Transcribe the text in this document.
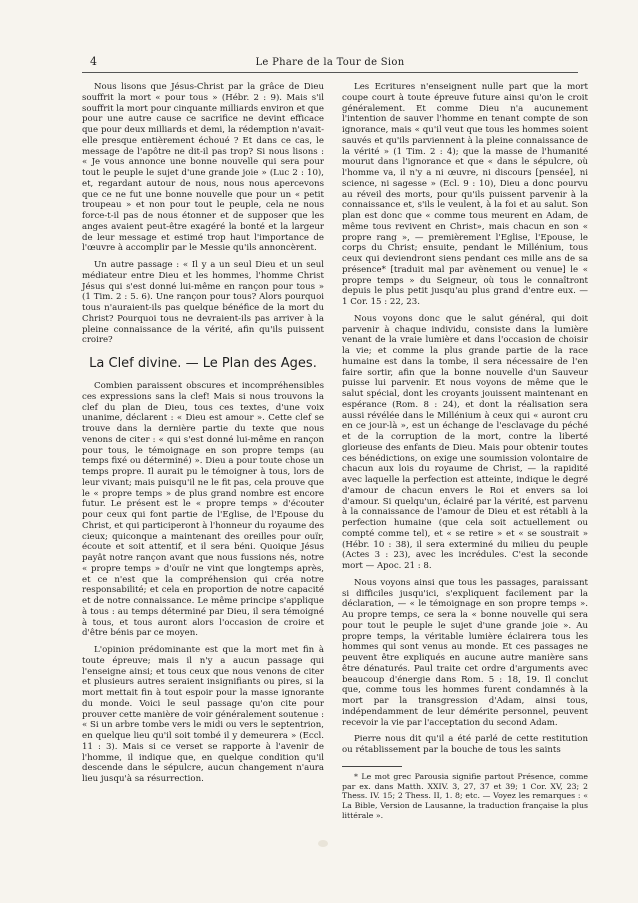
4	Le Phare de la Tour de Sion

Nous lisons que Jésus-Christ par la grâce de Dieu souffrit la mort « pour tous » (Hébr. 2 : 9). Mais s'il souffrit la mort pour cinquante milliards environ et que pour une autre cause ce sacrifice ne devint efficace que pour deux milliards et demi, la rédemption n'avait-elle presque entièrement échoué ? Et dans ce cas, le message de l'apôtre ne dit-il pas trop? Si nous lisons : « Je vous annonce une bonne nouvelle qui sera pour tout le peuple le sujet d'une grande joie » (Luc 2 : 10), et, regardant autour de nous, nous nous apercevons que ce ne fut une bonne nouvelle que pour un « petit troupeau » et non pour tout le peuple, cela ne nous force-t-il pas de nous étonner et de supposer que les anges avaient peut-être exagéré la bonté et la largeur de leur message et estimé trop haut l'importance de l'œuvre à accomplir par le Messie qu'ils annoncèrent.

Un autre passage : « Il y a un seul Dieu et un seul médiateur entre Dieu et les hommes, l'homme Christ Jésus qui s'est donné lui-même en rançon pour tous » (1 Tim. 2 : 5. 6). Une rançon pour tous? Alors pourquoi tous n'auraient-ils pas quelque bénéfice de la mort du Christ? Pourquoi tous ne devraient-ils pas arriver à la pleine connaissance de la vérité, afin qu'ils puissent croire?

La Clef divine. — Le Plan des Ages.

Combien paraissent obscures et incompréhensibles ces expressions sans la clef! Mais si nous trouvons la clef du plan de Dieu, tous ces textes, d'une voix unanime, déclarent : « Dieu est amour ». Cette clef se trouve dans la dernière partie du texte que nous venons de citer : « qui s'est donné lui-même en rançon pour tous, le témoignage en son propre temps (au temps fixé ou déterminé) ». Dieu a pour toute chose un temps propre. Il aurait pu le témoigner à tous, lors de leur vivant; mais puisqu'il ne le fit pas, cela prouve que le « propre temps » de plus grand nombre est encore futur. Le présent est le « propre temps » d'écouter pour ceux qui font partie de l'Eglise, de l'Epouse du Christ, et qui participeront à l'honneur du royaume des cieux; quiconque a maintenant des oreilles pour ouïr, écoute et soit attentif, et il sera béni. Quoique Jésus payât notre rançon avant que nous fussions nés, notre « propre temps » d'ouïr ne vint que longtemps après, et ce n'est que la compréhension qui créa notre responsabilité; et cela en proportion de notre capacité et de notre connaissance. Le même principe s'applique à tous : au temps déterminé par Dieu, il sera témoigné à tous, et tous auront alors l'occasion de croire et d'être bénis par ce moyen.

L'opinion prédominante est que la mort met fin à toute épreuve; mais il n'y a aucun passage qui l'enseigne ainsi; et tous ceux que nous venons de citer et plusieurs autres seraient insignifiants ou pires, si la mort mettait fin à tout espoir pour la masse ignorante du monde. Voici le seul passage qu'on cite pour prouver cette manière de voir généralement soutenue : « Si un arbre tombe vers le midi ou vers le septentrion, en quelque lieu qu'il soit tombé il y demeurera » (Eccl. 11 : 3). Mais si ce verset se rapporte à l'avenir de l'homme, il indique que, en quelque condition qu'il descende dans le sépulcre, aucun changement n'aura lieu jusqu'à sa résurrection.

Les Ecritures n'enseignent nulle part que la mort coupe court à toute épreuve future ainsi qu'on le croit généralement. Et comme Dieu n'a aucunement l'intention de sauver l'homme en tenant compte de son ignorance, mais « qu'il veut que tous les hommes soient sauvés et qu'ils parviennent à la pleine connaissance de la vérité » (1 Tim. 2 : 4); que la masse de l'humanité mourut dans l'ignorance et que « dans le sépulcre, où l'homme va, il n'y a ni œuvre, ni discours [pensée], ni science, ni sagesse » (Ecl. 9 : 10), Dieu a donc pourvu au réveil des morts, pour qu'ils puissent parvenir à la connaissance et, s'ils le veulent, à la foi et au salut. Son plan est donc que « comme tous meurent en Adam, de même tous revivent en Christ», mais chacun en son « propre rang », — premièrement l'Eglise, l'Epouse, le corps du Christ; ensuite, pendant le Millénium, tous ceux qui deviendront siens pendant ces mille ans de sa présence* [traduit mal par avènement ou venue] le « propre temps » du Seigneur, où tous le connaîtront depuis le plus petit jusqu'au plus grand d'entre eux. — 1 Cor. 15 : 22, 23.

Nous voyons donc que le salut général, qui doit parvenir à chaque individu, consiste dans la lumière venant de la vraie lumière et dans l'occasion de choisir la vie; et comme la plus grande partie de la race humaine est dans la tombe, il sera nécessaire de l'en faire sortir, afin que la bonne nouvelle d'un Sauveur puisse lui parvenir. Et nous voyons de même que le salut spécial, dont les croyants jouissent maintenant en espérance (Rom. 8 : 24), et dont la réalisation sera aussi révélée dans le Millénium à ceux qui « auront cru en ce jour-là », est un échange de l'esclavage du péché et de la corruption de la mort, contre la liberté glorieuse des enfants de Dieu. Mais pour obtenir toutes ces bénédictions, on exige une soumission volontaire de chacun aux lois du royaume de Christ, — la rapidité avec laquelle la perfection est atteinte, indique le degré d'amour de chacun envers le Roi et envers sa loi d'amour. Si quelqu'un, éclairé par la vérité, est parvenu à la connaissance de l'amour de Dieu et est rétabli à la perfection humaine (que cela soit actuellement ou compté comme tel), et « se retire » et « se soustrait » (Hébr. 10 : 38), il sera exterminé du milieu du peuple (Actes 3 : 23), avec les incrédules. C'est la seconde mort — Apoc. 21 : 8.

Nous voyons ainsi que tous les passages, paraissant si difficiles jusqu'ici, s'expliquent facilement par la déclaration, — « le témoignage en son propre temps ». Au propre temps, ce sera la « bonne nouvelle qui sera pour tout le peuple le sujet d'une grande joie ». Au propre temps, la véritable lumière éclairera tous les hommes qui sont venus au monde. Et ces passages ne peuvent être expliqués en aucune autre manière sans être dénaturés. Paul traite cet ordre d'arguments avec beaucoup d'énergie dans Rom. 5 : 18, 19. Il conclut que, comme tous les hommes furent condamnés à la mort par la transgression d'Adam, ainsi tous, indépendamment de leur démérite personnel, peuvent recevoir la vie par l'acceptation du second Adam.

Pierre nous dit qu'il a été parlé de cette restitution ou rétablissement par la bouche de tous les saints

* Le mot grec Parousia signifie partout Présence, comme par ex. dans Matth. XXIV. 3, 27, 37 et 39; 1 Cor. XV, 23; 2 Thess. IV. 15; 2 Thess. II, 1. 8; etc. — Voyez les remarques : « La Bible, Version de Lausanne, la traduction française la plus littérale ».
